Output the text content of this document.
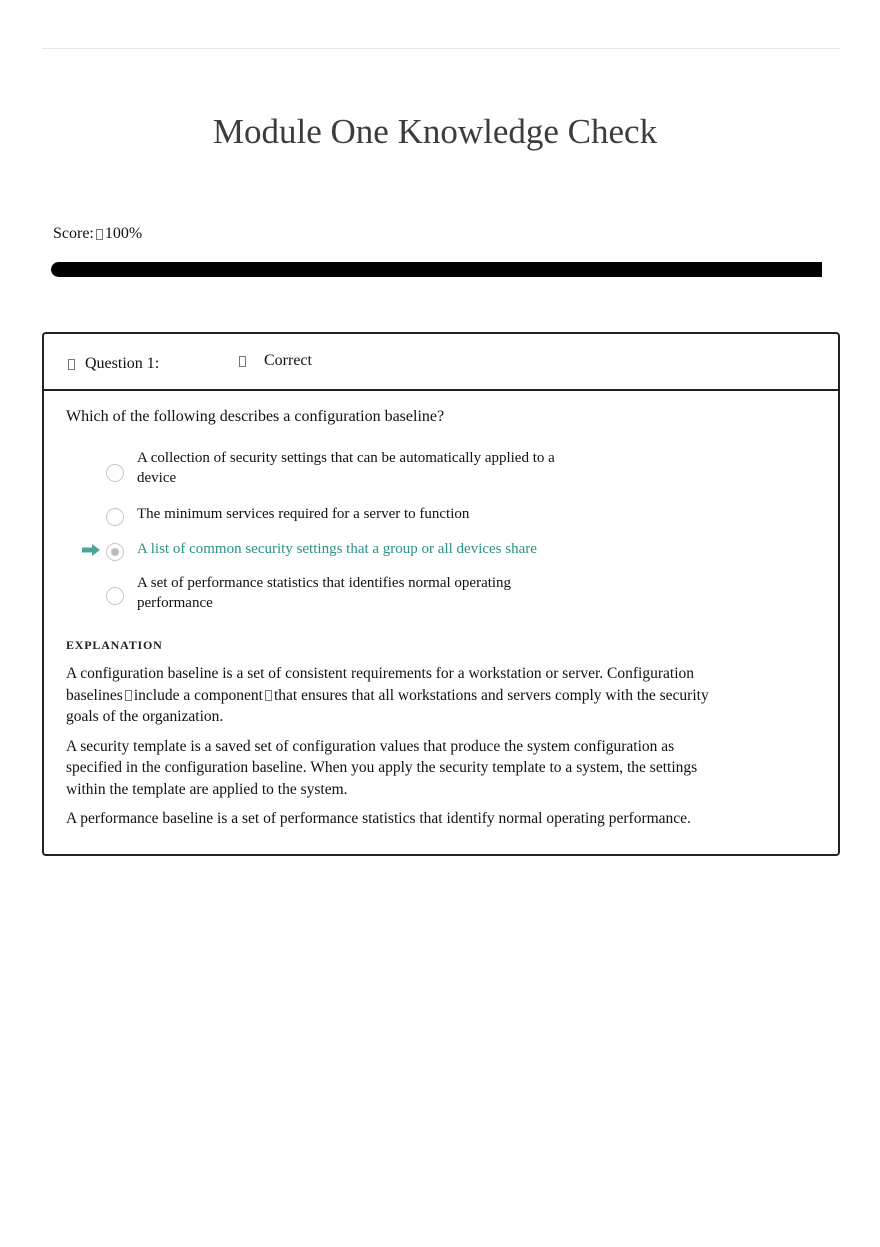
Module One Knowledge Check
Score: 100%
Question 1:	Correct

Which of the following describes a configuration baseline?

A collection of security settings that can be automatically applied to a device
The minimum services required for a server to function
A list of common security settings that a group or all devices share
A set of performance statistics that identifies normal operating performance
EXPLANATION

A configuration baseline is a set of consistent requirements for a workstation or server. Configuration baselines include a component that ensures that all workstations and servers comply with the security goals of the organization.

A security template is a saved set of configuration values that produce the system configuration as specified in the configuration baseline. When you apply the security template to a system, the settings within the template are applied to the system.

A performance baseline is a set of performance statistics that identify normal operating performance.
